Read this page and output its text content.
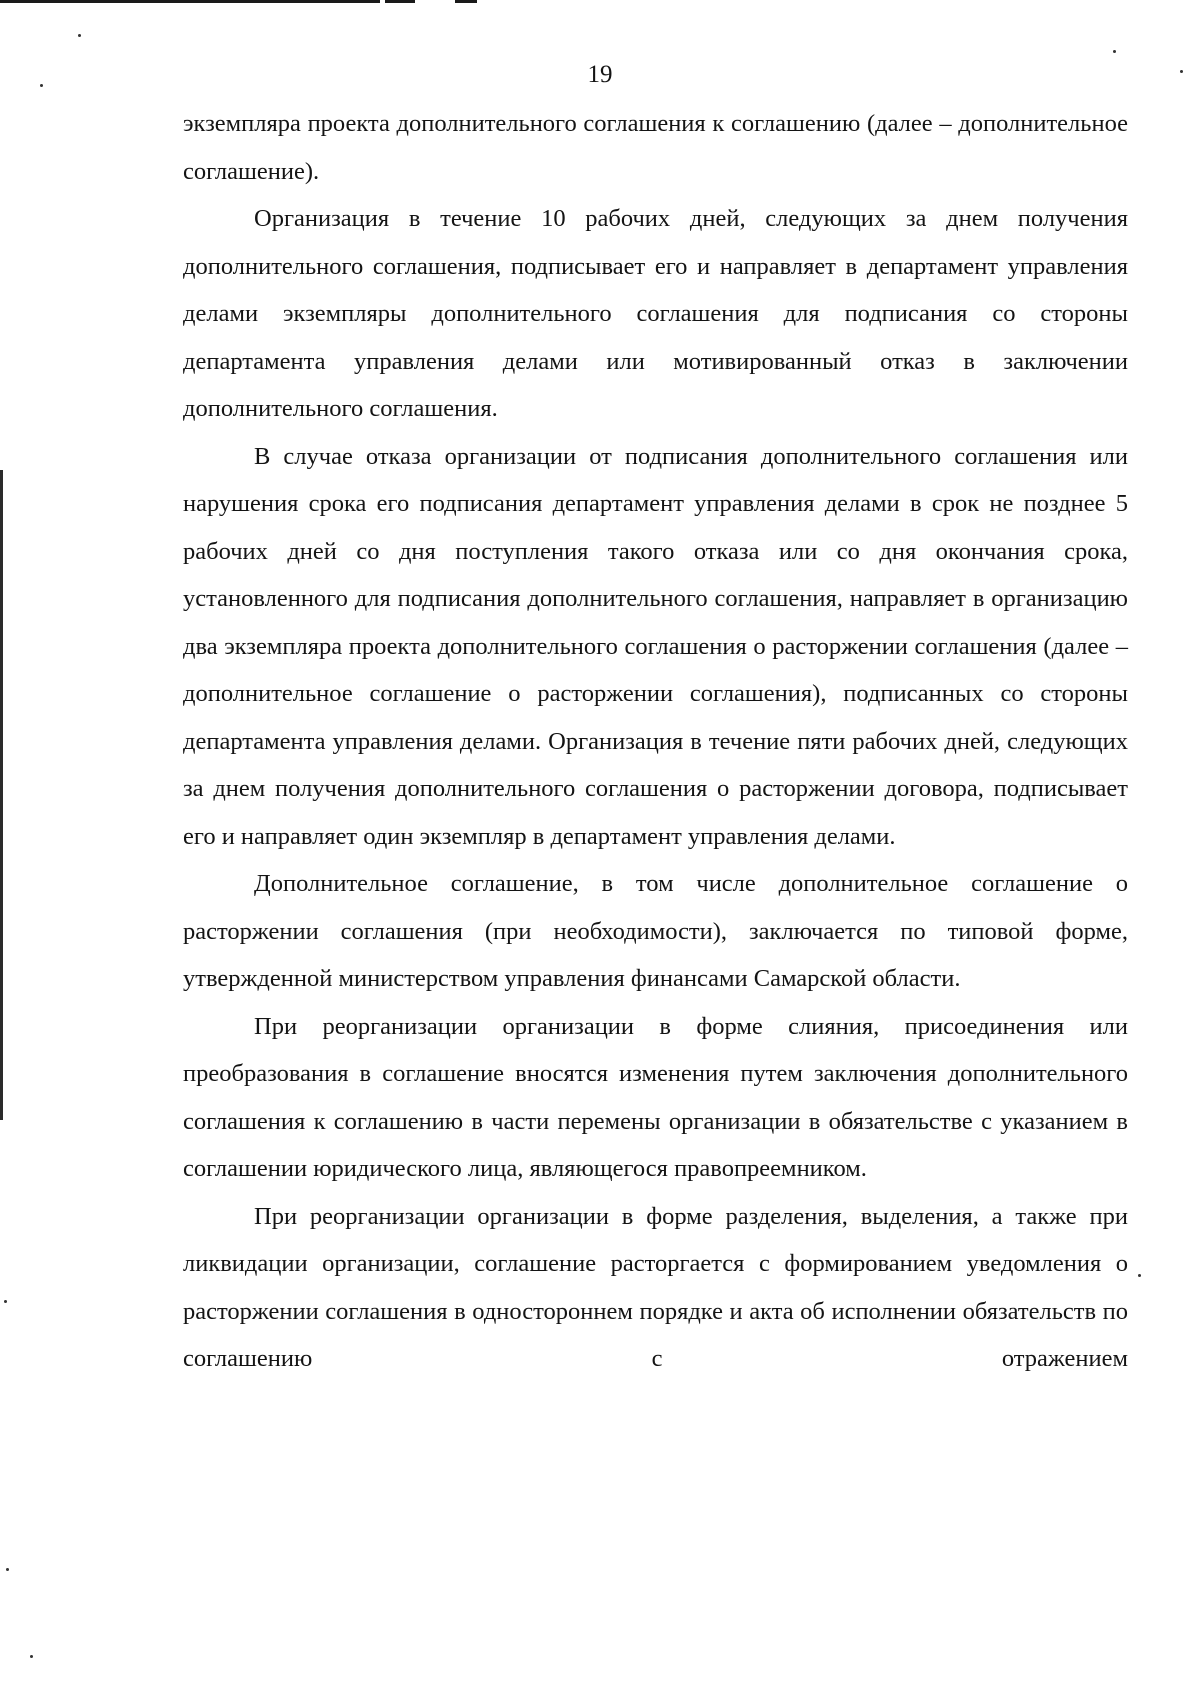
19

экземпляра проекта дополнительного соглашения к соглашению (далее – дополнительное соглашение).

Организация в течение 10 рабочих дней, следующих за днем получения дополнительного соглашения, подписывает его и направляет в департамент управления делами экземпляры дополнительного соглашения для подписания со стороны департамента управления делами или мотивированный отказ в заключении дополнительного соглашения.

В случае отказа организации от подписания дополнительного соглашения или нарушения срока его подписания департамент управления делами в срок не позднее 5 рабочих дней со дня поступления такого отказа или со дня окончания срока, установленного для подписания дополнительного соглашения, направляет в организацию два экземпляра проекта дополнительного соглашения о расторжении соглашения (далее – дополнительное соглашение о расторжении соглашения), подписанных со стороны департамента управления делами. Организация в течение пяти рабочих дней, следующих за днем получения дополнительного соглашения о расторжении договора, подписывает его и направляет один экземпляр в департамент управления делами.

Дополнительное соглашение, в том числе дополнительное соглашение о расторжении соглашения (при необходимости), заключается по типовой форме, утвержденной министерством управления финансами Самарской области.

При реорганизации организации в форме слияния, присоединения или преобразования в соглашение вносятся изменения путем заключения дополнительного соглашения к соглашению в части перемены организации в обязательстве с указанием в соглашении юридического лица, являющегося правопреемником.

При реорганизации организации в форме разделения, выделения, а также при ликвидации организации, соглашение расторгается с формированием уведомления о расторжении соглашения в одностороннем порядке и акта об исполнении обязательств по соглашению с отражением
